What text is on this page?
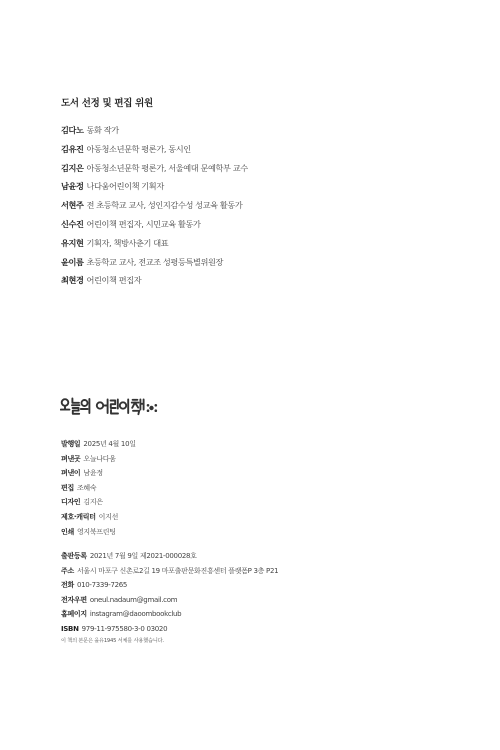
도서 선정 및 편집 위원
김다노 동화 작가
김유진 아동청소년문학 평론가, 동시인
김지은 아동청소년문학 평론가, 서울예대 문예학부 교수
남윤정 나다움어린이책 기획자
서현주 전 초등학교 교사, 성인지감수성 성교육 활동가
신수진 어린이책 편집자, 시민교육 활동가
유지현 기획자, 책방사춘기 대표
윤이름 초등학교 교사, 전교조 성평등특별위원장
최현경 어린이책 편집자
발행일 2025년 4월 10일
펴낸곳 오늘나다움
펴낸이 남윤정
편집 조혜숙
디자인 김지은
제호·캐릭터 이지선
인쇄 영지북프린팅
출판등록 2021년 7월 9일 제2021-000028호
주소 서울시 마포구 신촌로2길 19 마포출판문화진흥센터 플랫폼P 3층 P21
전화 010-7339-7265
전자우편 oneul.nadaum@gmail.com
홈페이지 instagram@daoombookclub
ISBN 979-11-975580-3-0 03020
이 책의 본문은 을유1945 서체를 사용했습니다.
